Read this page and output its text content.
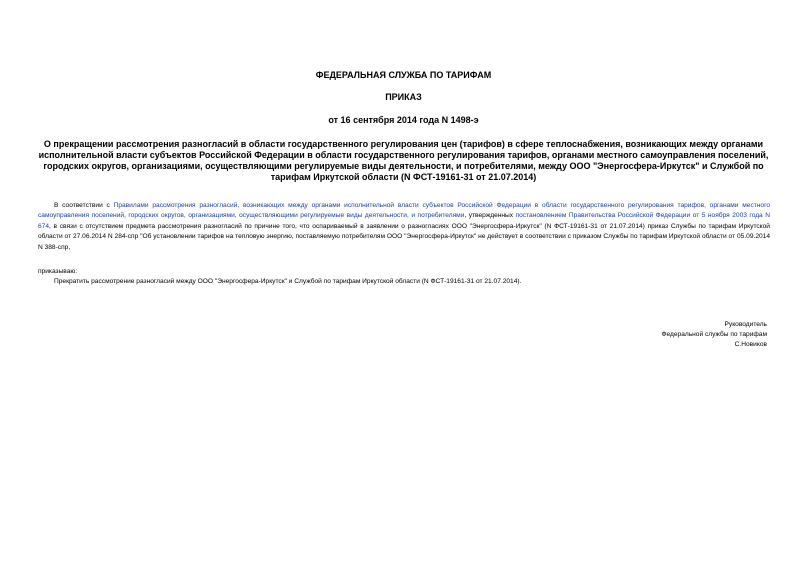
ФЕДЕРАЛЬНАЯ СЛУЖБА ПО ТАРИФАМ
ПРИКАЗ
от 16 сентября 2014 года N 1498-э
О прекращении рассмотрения разногласий в области государственного регулирования цен (тарифов) в сфере теплоснабжения, возникающих между органами исполнительной власти субъектов Российской Федерации в области государственного регулирования тарифов, органами местного самоуправления поселений, городских округов, организациями, осуществляющими регулируемые виды деятельности, и потребителями, между ООО "Энергосфера-Иркутск" и Службой по тарифам Иркутской области (N ФСТ-19161-31 от 21.07.2014)
В соответствии с Правилами рассмотрения разногласий, возникающих между органами исполнительной власти субъектов Российской Федерации в области государственного регулирования тарифов, органами местного самоуправления поселений, городских округов, организациями, осуществляющими регулируемые виды деятельности, и потребителями, утвержденных постановлением Правительства Российской Федерации от 5 ноября 2003 года N 674, в связи с отсутствием предмета рассмотрения разногласий по причине того, что оспариваемый в заявлении о разногласиях ООО "Энергосфера-Иркутск" (N ФСТ-19161-31 от 21.07.2014) приказ Службы по тарифам Иркутской области от 27.06.2014 N 284-спр "Об установлении тарифов на тепловую энергию, поставляемую потребителям ООО "Энергосфера-Иркутск" не действует в соответствии с приказом Службы по тарифам Иркутской области от 05.09.2014 N 388-спр,
приказываю:
Прекратить рассмотрение разногласий между ООО "Энергосфера-Иркутск" и Службой по тарифам Иркутской области (N ФСТ-19161-31 от 21.07.2014).
Руководитель
Федеральной службы по тарифам
С.Новиков
